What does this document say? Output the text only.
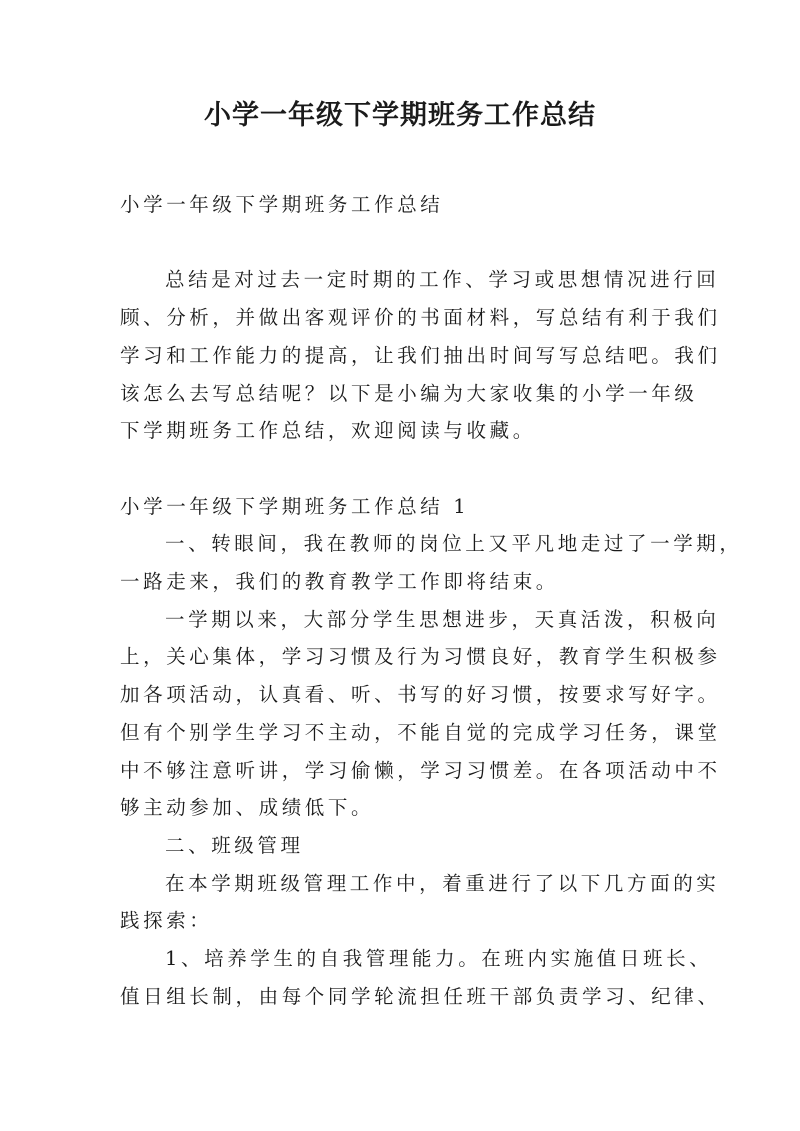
小学一年级下学期班务工作总结

小学一年级下学期班务工作总结

总结是对过去一定时期的工作、学习或思想情况进行回

顾、分析，并做出客观评价的书面材料，写总结有利于我们

学习和工作能力的提高，让我们抽出时间写写总结吧。我们

该怎么去写总结呢？以下是小编为大家收集的小学一年级

下学期班务工作总结，欢迎阅读与收藏。

小学一年级下学期班务工作总结 1

一、转眼间，我在教师的岗位上又平凡地走过了一学期，

一路走来，我们的教育教学工作即将结束。

一学期以来，大部分学生思想进步，天真活泼，积极向

上，关心集体，学习习惯及行为习惯良好，教育学生积极参

加各项活动，认真看、听、书写的好习惯，按要求写好字。

但有个别学生学习不主动，不能自觉的完成学习任务，课堂

中不够注意听讲，学习偷懒，学习习惯差。在各项活动中不

够主动参加、成绩低下。

二、班级管理

在本学期班级管理工作中，着重进行了以下几方面的实

践探索：

1、培养学生的自我管理能力。在班内实施值日班长、

值日组长制，由每个同学轮流担任班干部负责学习、纪律、
